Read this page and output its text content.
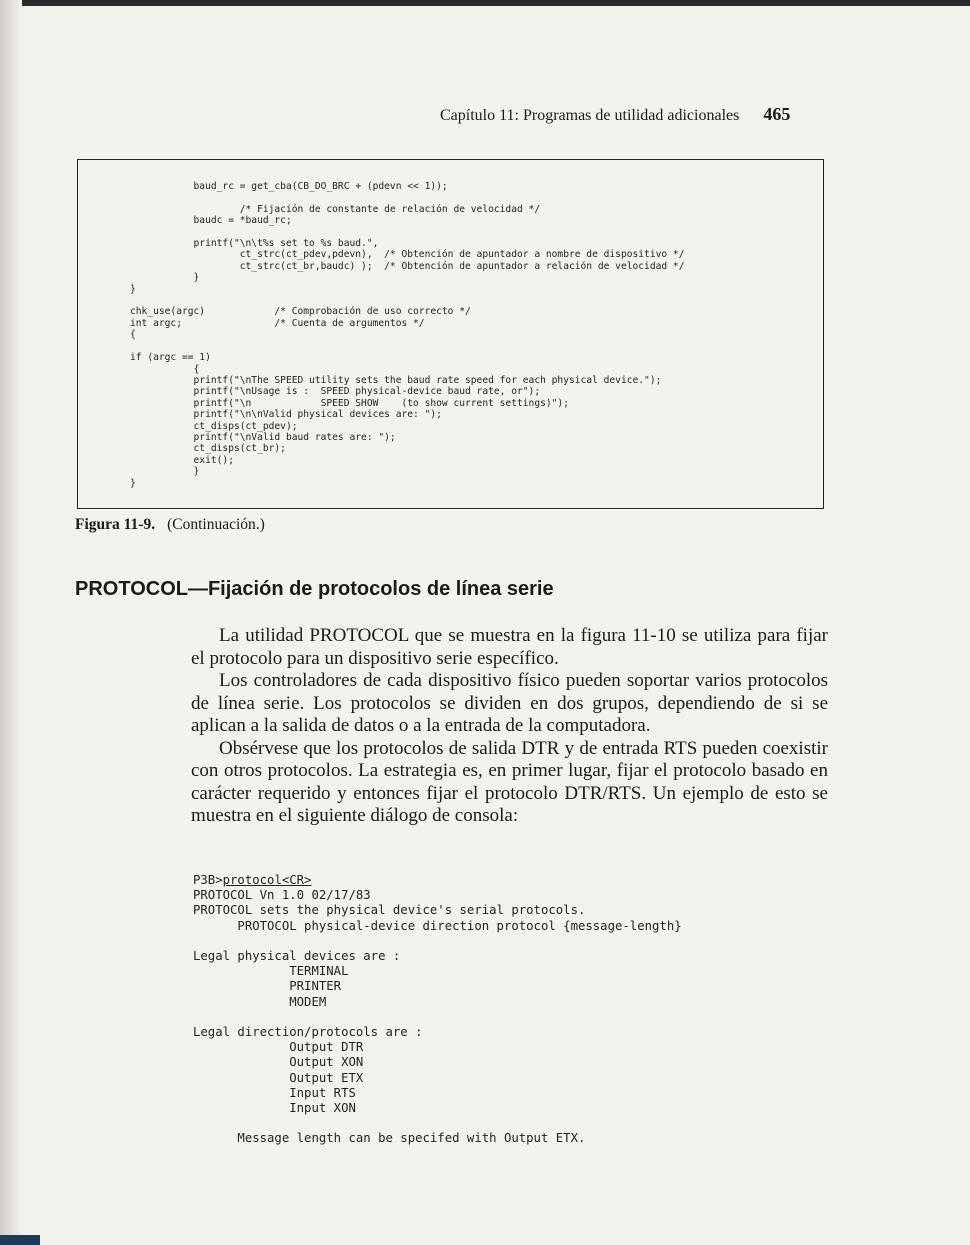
Capítulo 11: Programas de utilidad adicionales 465
baud_rc = get_cba(CB_DO_BRC + (pdevn << 1));

/* Fijación de constante de relación de velocidad */
baudc = *baud_rc;

printf("\n\t%s set to %s baud.",
ct_strc(ct_pdev,pdevn),  /* Obtención de apuntador a nombre de dispositivo */
ct_strc(ct_br,baudc) );  /* Obtención de apuntador a relación de velocidad */
}
}

chk_use(argc)            /* Comprobación de uso correcto */
int argc;                /* Cuenta de argumentos */
{

if (argc == 1)
{
printf("\nThe SPEED utility sets the baud rate speed for each physical device.");
printf("\nUsage is :  SPEED physical-device baud rate, or");
printf("\n            SPEED SHOW    (to show current settings)");
printf("\n\nValid physical devices are: ");
ct_disps(ct_pdev);
printf("\nValid baud rates are: ");
ct_disps(ct_br);
exit();
}
}
Figura 11-9. (Continuación.)
PROTOCOL—Fijación de protocolos de línea serie

La utilidad PROTOCOL que se muestra en la figura 11-10 se utiliza para fijar el protocolo para un dispositivo serie específico.

Los controladores de cada dispositivo físico pueden soportar varios protocolos de línea serie. Los protocolos se dividen en dos grupos, dependiendo de si se aplican a la salida de datos o a la entrada de la computadora.

Obsérvese que los protocolos de salida DTR y de entrada RTS pueden coexistir con otros protocolos. La estrategia es, en primer lugar, fijar el protocolo basado en carácter requerido y entonces fijar el protocolo DTR/RTS. Un ejemplo de esto se muestra en el siguiente diálogo de consola:

P3B>protocol<CR>
PROTOCOL Vn 1.0 02/17/83
PROTOCOL sets the physical device's serial protocols.
PROTOCOL physical-device direction protocol {message-length}

Legal physical devices are :
TERMINAL
PRINTER
MODEM

Legal direction/protocols are :
Output DTR
Output XON
Output ETX
Input RTS
Input XON

Message length can be specifed with Output ETX.
